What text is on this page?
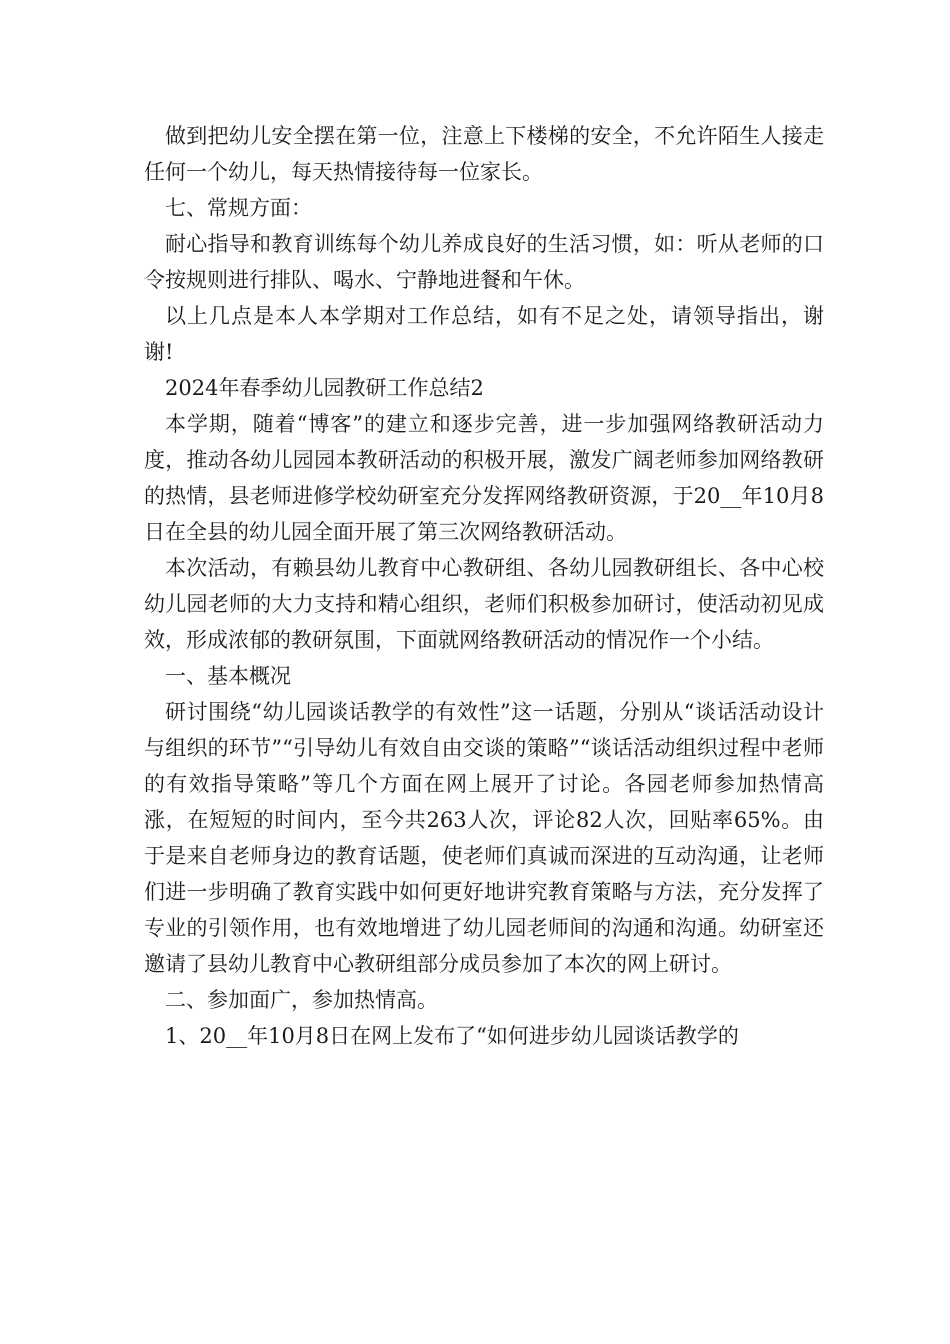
做到把幼儿安全摆在第一位，注意上下楼梯的安全，不允许陌生人接走任何一个幼儿，每天热情接待每一位家长。

七、常规方面：

耐心指导和教育训练每个幼儿养成良好的生活习惯，如：听从老师的口令按规则进行排队、喝水、宁静地进餐和午休。

以上几点是本人本学期对工作总结，如有不足之处，请领导指出，谢谢!

2024年春季幼儿园教研工作总结2

本学期，随着“博客”的建立和逐步完善，进一步加强网络教研活动力度，推动各幼儿园园本教研活动的积极开展，激发广阔老师参加网络教研的热情，县老师进修学校幼研室充分发挥网络教研资源，于20__年10月8日在全县的幼儿园全面开展了第三次网络教研活动。

本次活动，有赖县幼儿教育中心教研组、各幼儿园教研组长、各中心校幼儿园老师的大力支持和精心组织，老师们积极参加研讨，使活动初见成效，形成浓郁的教研氛围，下面就网络教研活动的情况作一个小结。

一、基本概况

研讨围绕“幼儿园谈话教学的有效性”这一话题，分别从“谈话活动设计与组织的环节”“引导幼儿有效自由交谈的策略”“谈话活动组织过程中老师的有效指导策略”等几个方面在网上展开了讨论。各园老师参加热情高涨，在短短的时间内，至今共263人次，评论82人次，回贴率65%。由于是来自老师身边的教育话题，使老师们真诚而深进的互动沟通，让老师们进一步明确了教育实践中如何更好地讲究教育策略与方法，充分发挥了专业的引领作用，也有效地增进了幼儿园老师间的沟通和沟通。幼研室还邀请了县幼儿教育中心教研组部分成员参加了本次的网上研讨。

二、参加面广，参加热情高。

1、20__年10月8日在网上发布了“如何进步幼儿园谈话教学的
